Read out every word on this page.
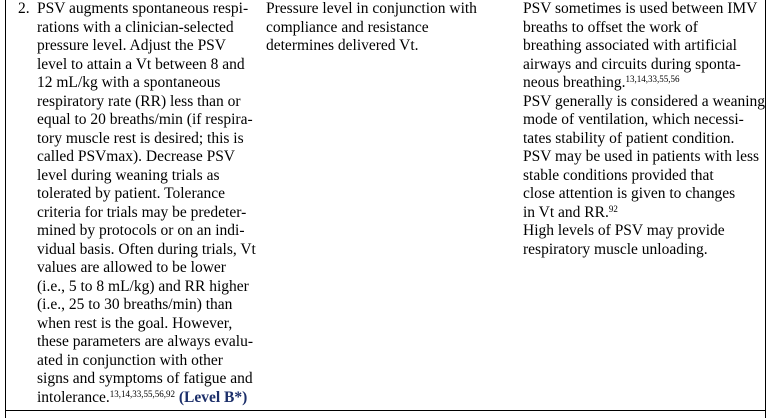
2. PSV augments spontaneous respi-
rations with a clinician-selected
pressure level. Adjust the PSV
level to attain a Vt between 8 and
12 mL/kg with a spontaneous
respiratory rate (RR) less than or
equal to 20 breaths/min (if respira-
tory muscle rest is desired; this is
called PSVmax). Decrease PSV
level during weaning trials as
tolerated by patient. Tolerance
criteria for trials may be predeter-
mined by protocols or on an indi-
vidual basis. Often during trials, Vt
values are allowed to be lower
(i.e., 5 to 8 mL/kg) and RR higher
(i.e., 25 to 30 breaths/min) than
when rest is the goal. However,
these parameters are always evalu-
ated in conjunction with other
signs and symptoms of fatigue and
intolerance.$^{13,14,33,55,56,92}$ (Level B*)

Pressure level in conjunction with
compliance and resistance
determines delivered Vt.

PSV sometimes is used between IMV
breaths to offset the work of
breathing associated with artificial
airways and circuits during sponta-
neous breathing.$^{13,14,33,55,56}$

PSV generally is considered a weaning
mode of ventilation, which necessi-
tates stability of patient condition.

PSV may be used in patients with less
stable conditions provided that
close attention is given to changes
in Vt and RR.$^{92}$

High levels of PSV may provide
respiratory muscle unloading.
